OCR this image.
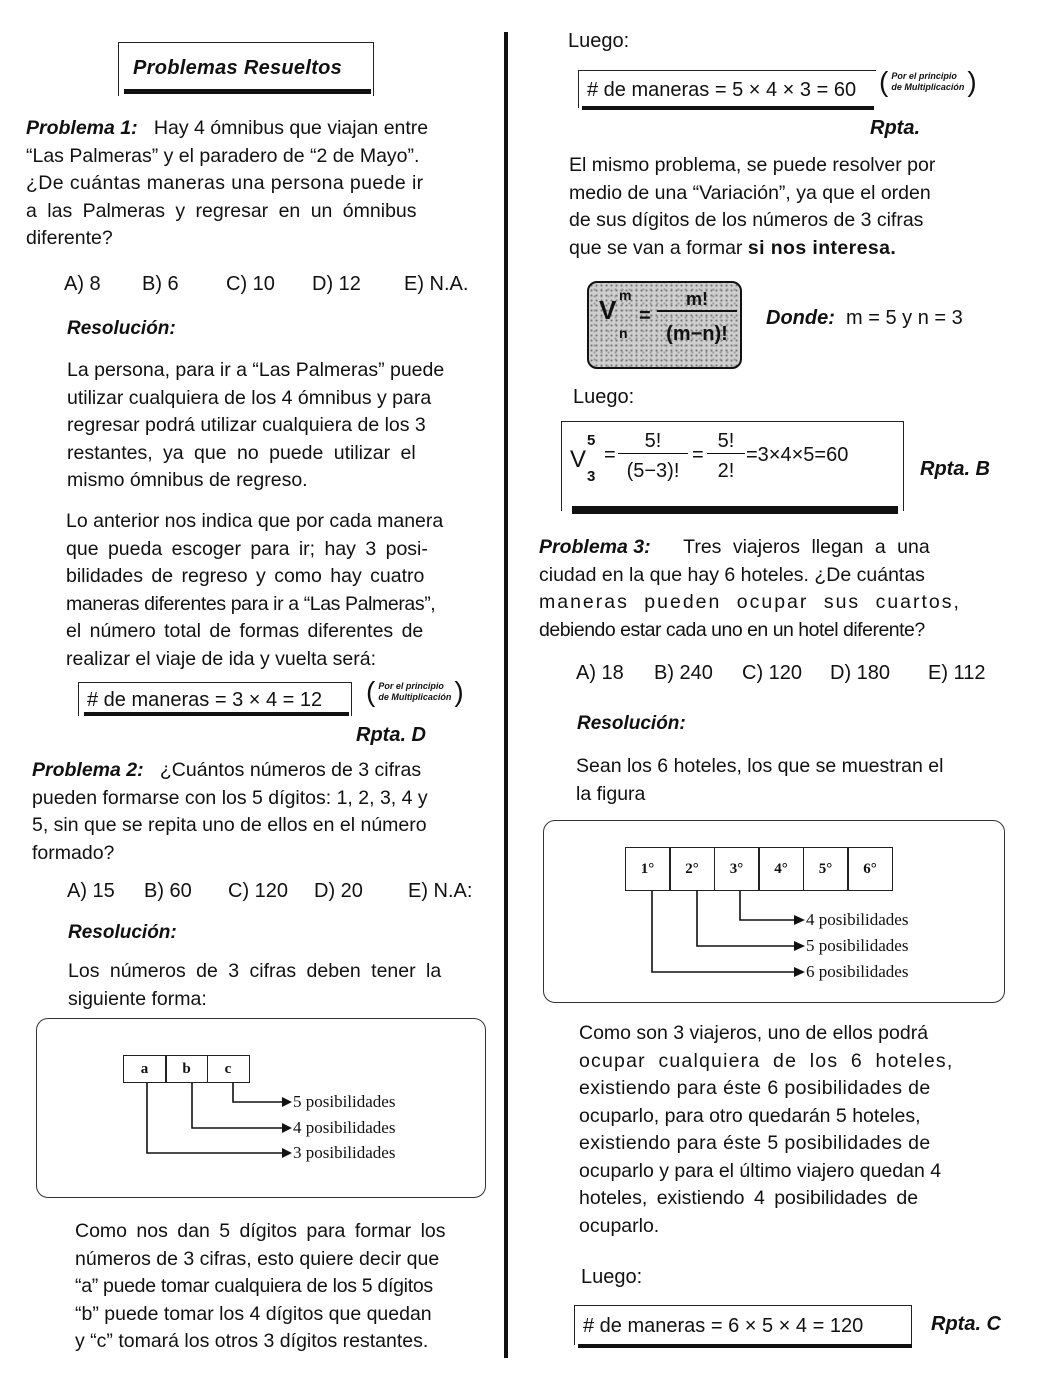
Problemas Resueltos
Problema 1: Hay 4 ómnibus que viajan entre
“Las Palmeras” y el paradero de “2 de Mayo”.
¿De cuántas maneras una persona puede ir
a las Palmeras y regresar en un ómnibus
diferente?
A) 8	B) 6	C) 10	D) 12	E) N.A.
Resolución:
La persona, para ir a “Las Palmeras” puede
utilizar cualquiera de los 4 ómnibus y para
regresar podrá utilizar cualquiera de los 3
restantes, ya que no puede utilizar el
mismo ómnibus de regreso.
Lo anterior nos indica que por cada manera
que pueda escoger para ir; hay 3 posi-
bilidades de regreso y como hay cuatro
maneras diferentes para ir a “Las Palmeras”,
el número total de formas diferentes de
realizar el viaje de ida y vuelta será:
# de maneras = 3 × 4 = 12 ( Por el principio
de Multiplicación )
Rpta. D
Problema 2: ¿Cuántos números de 3 cifras
pueden formarse con los 5 dígitos: 1, 2, 3, 4 y
5, sin que se repita uno de ellos en el número
formado?
A) 15	B) 60	C) 120	D) 20	E) N.A:
Resolución:
Los números de 3 cifras deben tener la
siguiente forma:
a	b	c
5 posibilidades
4 posibilidades
3 posibilidades
Como nos dan 5 dígitos para formar los
números de 3 cifras, esto quiere decir que
“a” puede tomar cualquiera de los 5 dígitos
“b” puede tomar los 4 dígitos que quedan
y “c” tomará los otros 3 dígitos restantes.
Luego:
# de maneras = 5 × 4 × 3 = 60 ( Por el principio
de Multiplicación )
Rpta.
El mismo problema, se puede resolver por
medio de una “Variación”, ya que el orden
de sus dígitos de los números de 3 cifras
que se van a formar si nos interesa.
V m
n
=
m!
(m−n)!
Donde: m = 5 y n = 3
Luego:
V
5
3
=
5!
(5−3)!
=
5!
2!
=3×4×5=60
Rpta. B
Problema 3: Tres viajeros llegan a una
ciudad en la que hay 6 hoteles. ¿De cuántas
maneras pueden ocupar sus cuartos,
debiendo estar cada uno en un hotel diferente?
A) 18	B) 240	C) 120	D) 180	E) 112
Resolución:
Sean los 6 hoteles, los que se muestran el
la figura
1°	2°	3°	4°	5°	6°
4 posibilidades
5 posibilidades
6 posibilidades
Como son 3 viajeros, uno de ellos podrá
ocupar cualquiera de los 6 hoteles,
existiendo para éste 6 posibilidades de
ocuparlo, para otro quedarán 5 hoteles,
existiendo para éste 5 posibilidades de
ocuparlo y para el último viajero quedan 4
hoteles, existiendo 4 posibilidades de
ocuparlo.
Luego:
# de maneras = 6 × 5 × 4 = 120	Rpta. C
